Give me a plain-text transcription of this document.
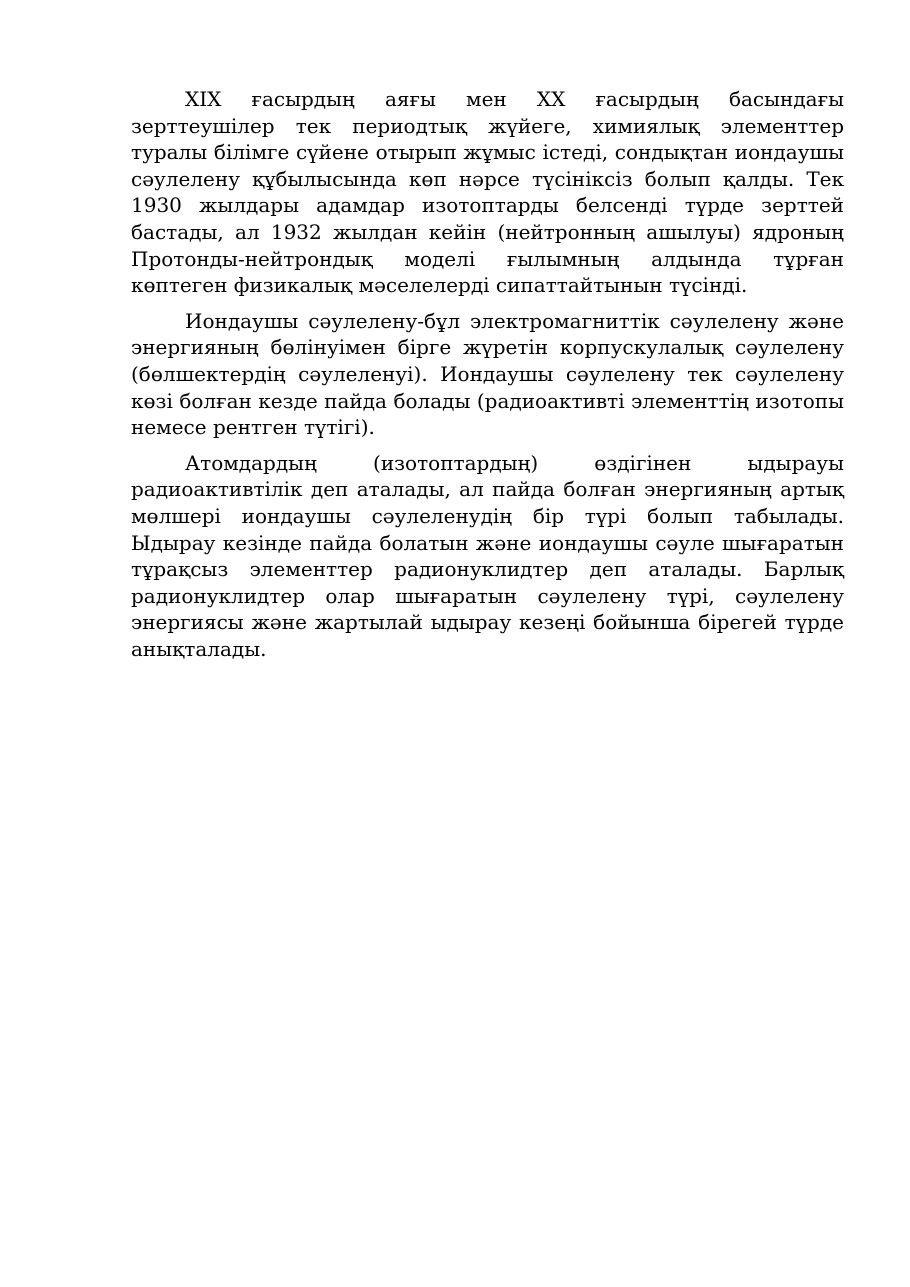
XIX ғасырдың аяғы мен XX ғасырдың басындағы зерттеушілер тек периодтық жүйеге, химиялық элементтер туралы білімге сүйене отырып жұмыс істеді, сондықтан иондаушы сәулелену құбылысында көп нәрсе түсініксіз болып қалды. Тек 1930 жылдары адамдар изотоптарды белсенді түрде зерттей бастады, ал 1932 жылдан кейін (нейтронның ашылуы) ядроның Протонды-нейтрондық моделі ғылымның алдында тұрған көптеген физикалық мәселелерді сипаттайтынын түсінді.

Иондаушы сәулелену-бұл электромагниттік сәулелену және энергияның бөлінуімен бірге жүретін корпускулалық сәулелену (бөлшектердің сәулеленуі). Иондаушы сәулелену тек сәулелену көзі болған кезде пайда болады (радиоактивті элементтің изотопы немесе рентген түтігі).

Атомдардың (изотоптардың) өздігінен ыдырауы радиоактивтілік деп аталады, ал пайда болған энергияның артық мөлшері иондаушы сәулеленудің бір түрі болып табылады. Ыдырау кезінде пайда болатын және иондаушы сәуле шығаратын тұрақсыз элементтер радионуклидтер деп аталады. Барлық радионуклидтер олар шығаратын сәулелену түрі, сәулелену энергиясы және жартылай ыдырау кезеңі бойынша бірегей түрде анықталады.
